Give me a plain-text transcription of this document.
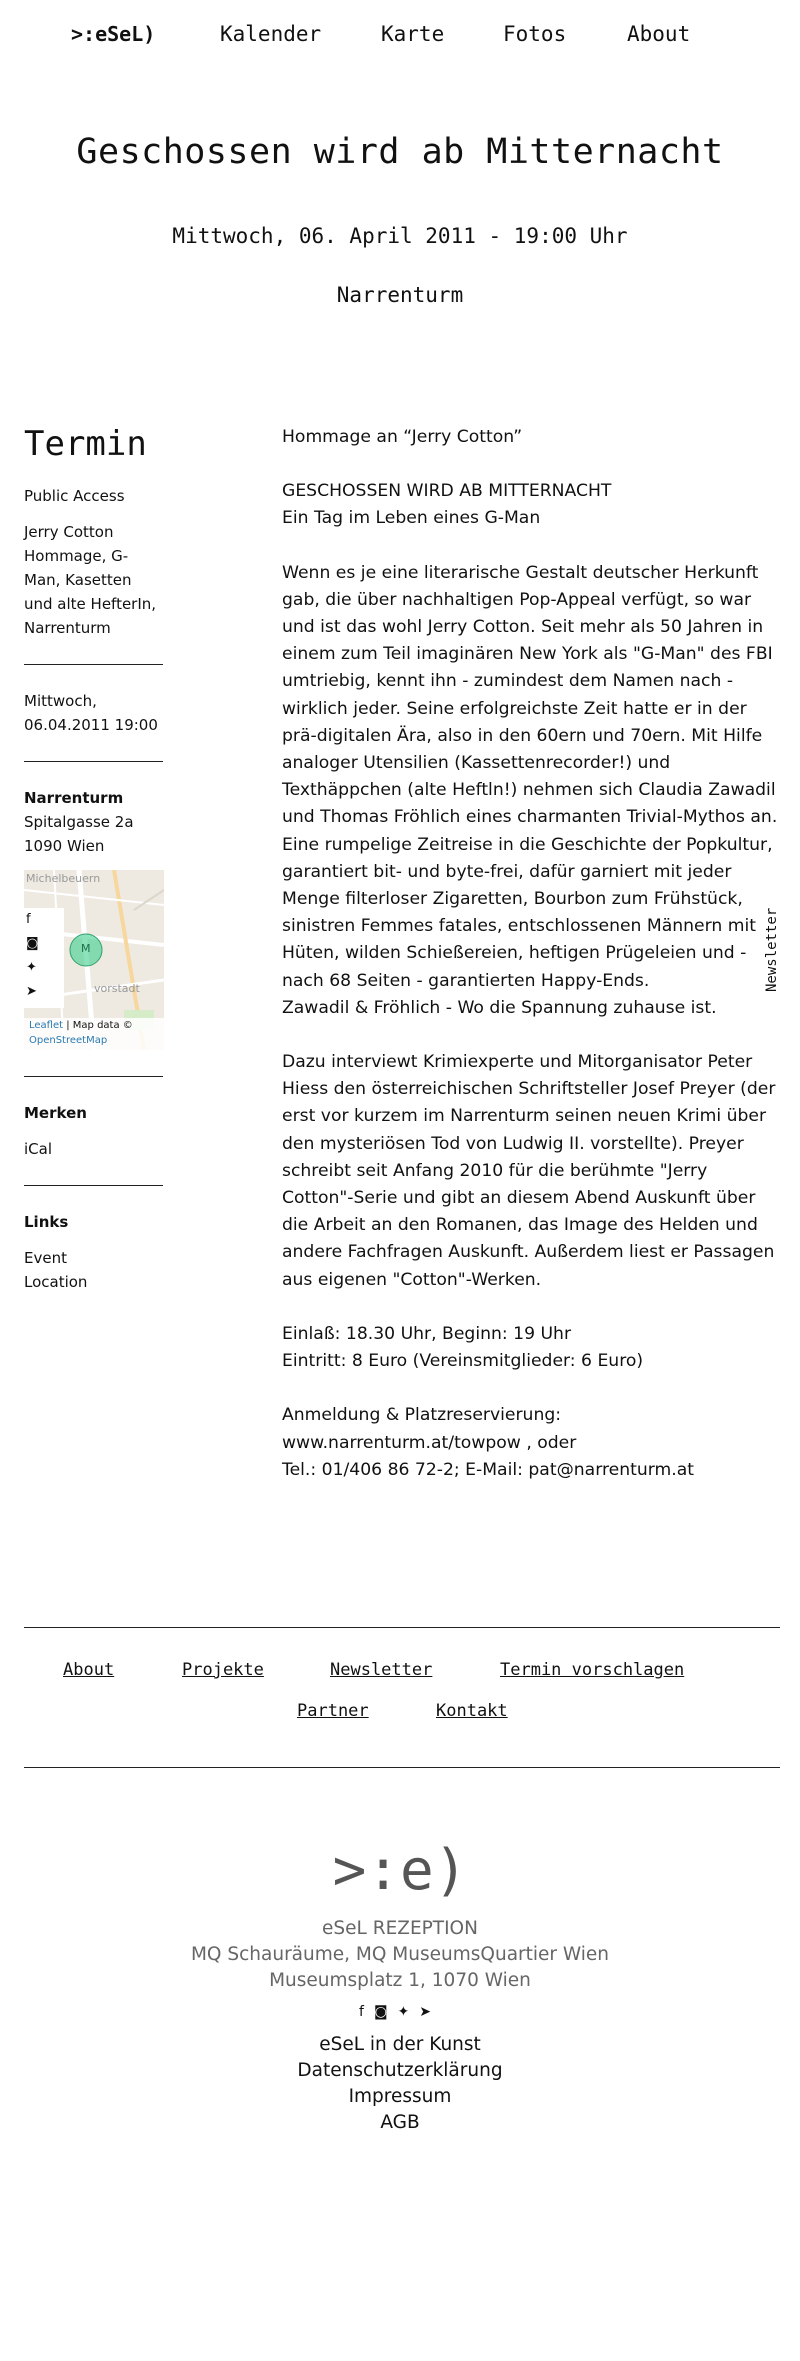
>:eSeL)	Kalender	Karte	Fotos	About
Geschossen wird ab Mitternacht
Mittwoch, 06. April 2011 - 19:00 Uhr
Narrenturm
Termin

Public Access

Jerry Cotton Hommage, G-Man, Kasetten und alte HefterIn, Narrenturm

Mittwoch,

06.04.2011 19:00

Narrenturm

Spitalgasse 2a

1090 Wien

Merken

iCal

Links

Event

Location

Michelbeuern
vorstadt
M
f
◙
✦
➤
Leaflet | Map data ©
OpenStreetMap

Hommage an “Jerry Cotton”

GESCHOSSEN WIRD AB MITTERNACHT
Ein Tag im Leben eines G-Man

Wenn es je eine literarische Gestalt deutscher Herkunft gab, die über nachhaltigen Pop-Appeal verfügt, so war und ist das wohl Jerry Cotton. Seit mehr als 50 Jahren in einem zum Teil imaginären New York als "G-Man" des FBI umtriebig, kennt ihn - zumindest dem Namen nach - wirklich jeder. Seine erfolgreichste Zeit hatte er in der prä-digitalen Ära, also in den 60ern und 70ern. Mit Hilfe analoger Utensilien (Kassettenrecorder!) und Texthäppchen (alte Heftln!) nehmen sich Claudia Zawadil und Thomas Fröhlich eines charmanten Trivial-Mythos an. Eine rumpelige Zeitreise in die Geschichte der Popkultur, garantiert bit- und byte-frei, dafür garniert mit jeder Menge filterloser Zigaretten, Bourbon zum Frühstück, sinistren Femmes fatales, entschlossenen Männern mit Hüten, wilden Schießereien, heftigen Prügeleien und - nach 68 Seiten - garantierten Happy-Ends.
Zawadil & Fröhlich - Wo die Spannung zuhause ist.

Dazu interviewt Krimiexperte und Mitorganisator Peter Hiess den österreichischen Schriftsteller Josef Preyer (der erst vor kurzem im Narrenturm seinen neuen Krimi über den mysteriösen Tod von Ludwig II. vorstellte). Preyer schreibt seit Anfang 2010 für die berühmte "Jerry Cotton"-Serie und gibt an diesem Abend Auskunft über die Arbeit an den Romanen, das Image des Helden und andere Fachfragen Auskunft. Außerdem liest er Passagen aus eigenen "Cotton"-Werken.

Einlaß: 18.30 Uhr, Beginn: 19 Uhr
Eintritt: 8 Euro (Vereinsmitglieder: 6 Euro)

Anmeldung & Platzreservierung:
www.narrenturm.at/towpow , oder
Tel.: 01/406 86 72-2; E-Mail: pat@narrenturm.at

Newsletter
About	Projekte	Newsletter	Termin vorschlagen
Partner	Kontakt
>:e)
eSeL REZEPTION
MQ Schauräume, MQ MuseumsQuartier Wien
Museumsplatz 1, 1070 Wien
f◙✦➤
eSeL in der Kunst
Datenschutzerklärung
Impressum
AGB
